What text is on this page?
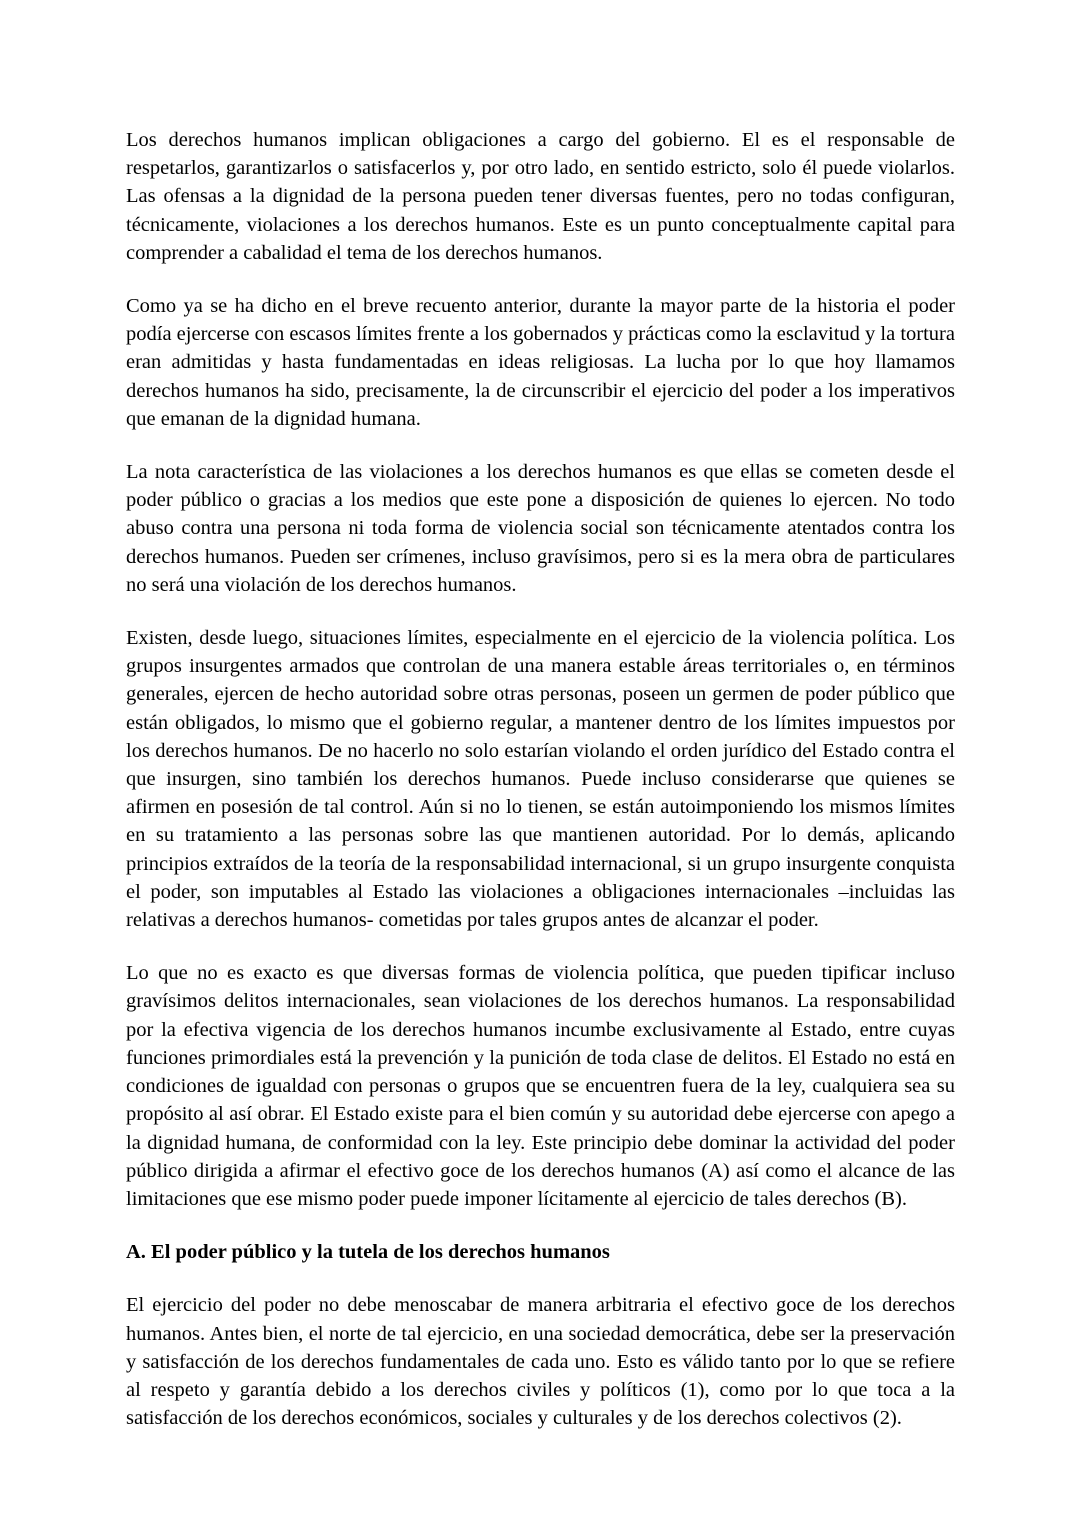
Los derechos humanos implican obligaciones a cargo del gobierno. El es el responsable de respetarlos, garantizarlos o satisfacerlos y, por otro lado, en sentido estricto, solo él puede violarlos. Las ofensas a la dignidad de la persona pueden tener diversas fuentes, pero no todas configuran, técnicamente, violaciones a los derechos humanos. Este es un punto conceptualmente capital para comprender a cabalidad el tema de los derechos humanos.

Como ya se ha dicho en el breve recuento anterior, durante la mayor parte de la historia el poder podía ejercerse con escasos límites frente a los gobernados y prácticas como la esclavitud y la tortura eran admitidas y hasta fundamentadas en ideas religiosas. La lucha por lo que hoy llamamos derechos humanos ha sido, precisamente, la de circunscribir el ejercicio del poder a los imperativos que emanan de la dignidad humana.

La nota característica de las violaciones a los derechos humanos es que ellas se cometen desde el poder público o gracias a los medios que este pone a disposición de quienes lo ejercen. No todo abuso contra una persona ni toda forma de violencia social son técnicamente atentados contra los derechos humanos. Pueden ser crímenes, incluso gravísimos, pero si es la mera obra de particulares no será una violación de los derechos humanos.

Existen, desde luego, situaciones límites, especialmente en el ejercicio de la violencia política. Los grupos insurgentes armados que controlan de una manera estable áreas territoriales o, en términos generales, ejercen de hecho autoridad sobre otras personas, poseen un germen de poder público que están obligados, lo mismo que el gobierno regular, a mantener dentro de los límites impuestos por los derechos humanos. De no hacerlo no solo estarían violando el orden jurídico del Estado contra el que insurgen, sino también los derechos humanos. Puede incluso considerarse que quienes se afirmen en posesión de tal control. Aún si no lo tienen, se están autoimponiendo los mismos límites en su tratamiento a las personas sobre las que mantienen autoridad. Por lo demás, aplicando principios extraídos de la teoría de la responsabilidad internacional, si un grupo insurgente conquista el poder, son imputables al Estado las violaciones a obligaciones internacionales –incluidas las relativas a derechos humanos- cometidas por tales grupos antes de alcanzar el poder.

Lo que no es exacto es que diversas formas de violencia política, que pueden tipificar incluso gravísimos delitos internacionales, sean violaciones de los derechos humanos. La responsabilidad por la efectiva vigencia de los derechos humanos incumbe exclusivamente al Estado, entre cuyas funciones primordiales está la prevención y la punición de toda clase de delitos. El Estado no está en condiciones de igualdad con personas o grupos que se encuentren fuera de la ley, cualquiera sea su propósito al así obrar. El Estado existe para el bien común y su autoridad debe ejercerse con apego a la dignidad humana, de conformidad con la ley. Este principio debe dominar la actividad del poder público dirigida a afirmar el efectivo goce de los derechos humanos (A) así como el alcance de las limitaciones que ese mismo poder puede imponer lícitamente al ejercicio de tales derechos (B).

A. El poder público y la tutela de los derechos humanos

El ejercicio del poder no debe menoscabar de manera arbitraria el efectivo goce de los derechos humanos. Antes bien, el norte de tal ejercicio, en una sociedad democrática, debe ser la preservación y satisfacción de los derechos fundamentales de cada uno. Esto es válido tanto por lo que se refiere al respeto y garantía debido a los derechos civiles y políticos (1), como por lo que toca a la satisfacción de los derechos económicos, sociales y culturales y de los derechos colectivos (2).
